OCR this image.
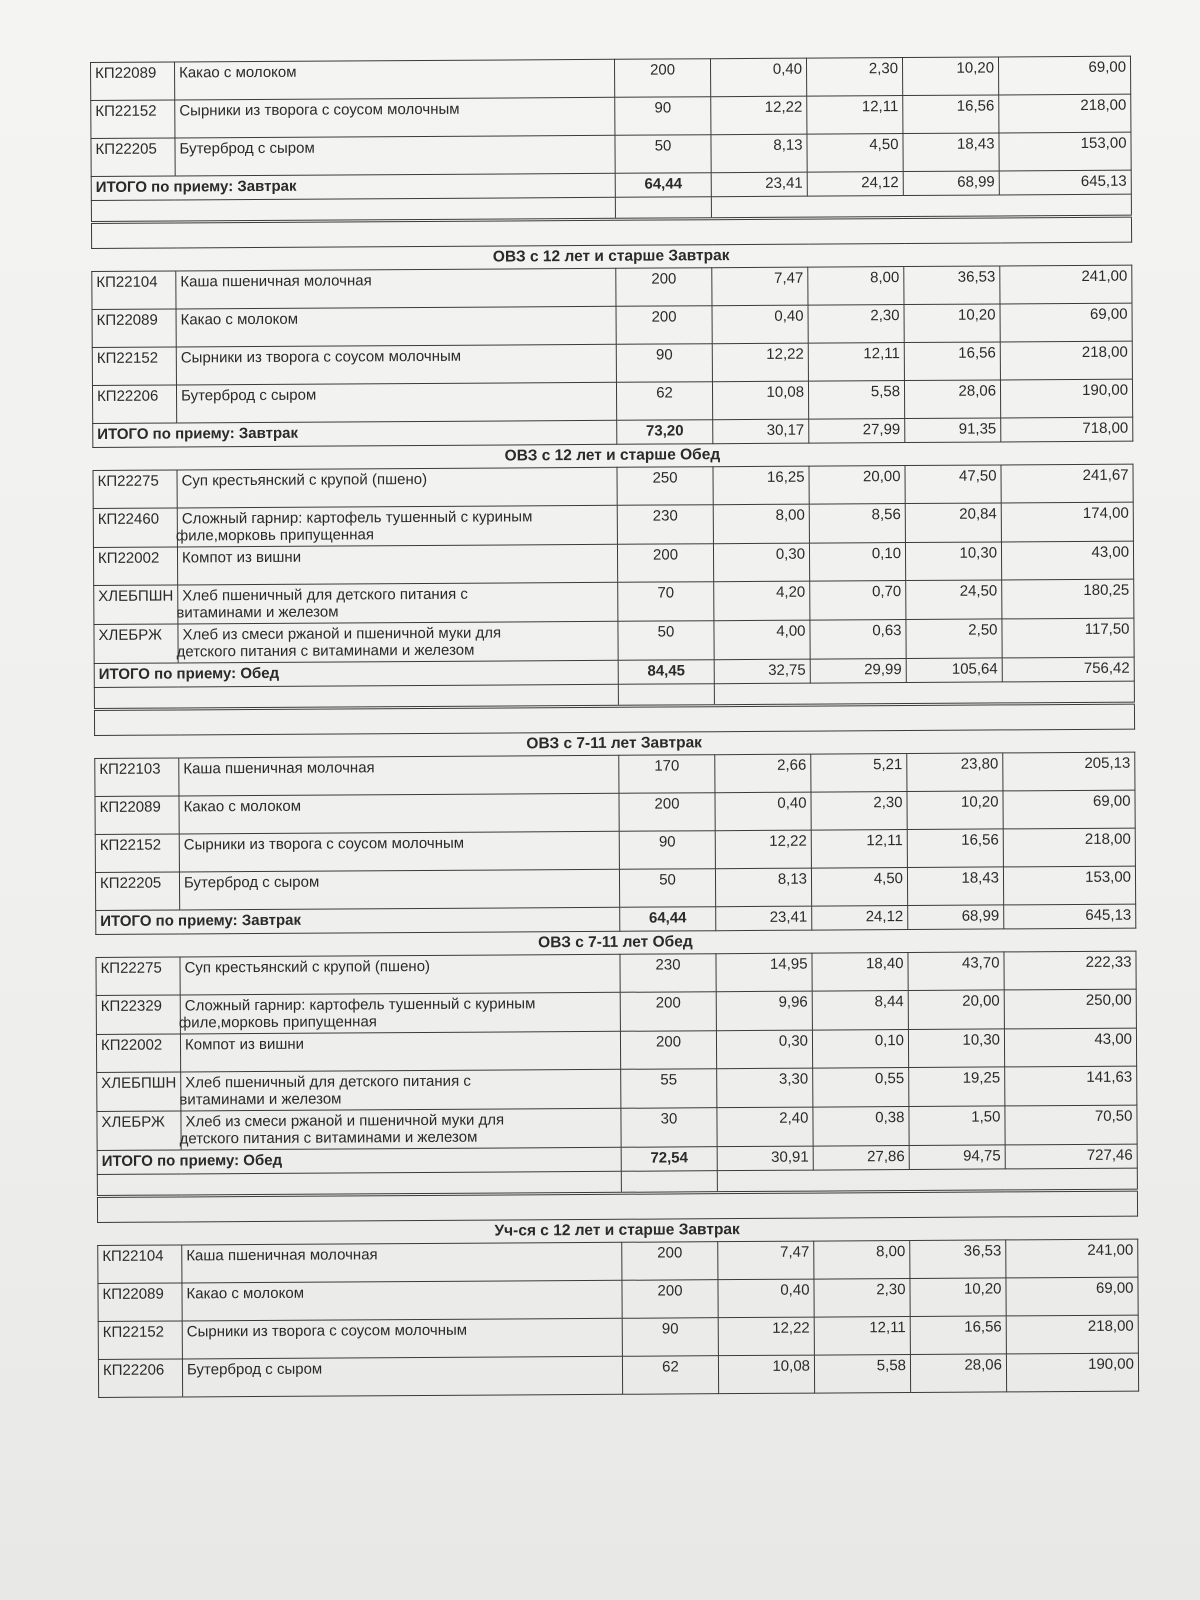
КП22089	Какао с молоком	200	0,40	2,30	10,20	69,00
КП22152	Сырники из творога с соусом молочным	90	12,22	12,11	16,56	218,00
КП22205	Бутерброд с сыром	50	8,13	4,50	18,43	153,00
ИТОГО по приему: Завтрак		64,44	23,41	24,12	68,99	645,13

ОВЗ с 12 лет и старше Завтрак
КП22104	Каша пшеничная молочная	200	7,47	8,00	36,53	241,00
КП22089	Какао с молоком	200	0,40	2,30	10,20	69,00
КП22152	Сырники из творога с соусом молочным	90	12,22	12,11	16,56	218,00
КП22206	Бутерброд с сыром	62	10,08	5,58	28,06	190,00
ИТОГО по приему: Завтрак		73,20	30,17	27,99	91,35	718,00
ОВЗ с 12 лет и старше Обед
КП22275	Суп крестьянский с крупой (пшено)	250	16,25	20,00	47,50	241,67
КП22460	Сложный гарнир: картофель тушенный с куриным
филе,морковь припущенная	230	8,00	8,56	20,84	174,00
КП22002	Компот из вишни	200	0,30	0,10	10,30	43,00
ХЛЕБПШН	Хлеб пшеничный для детского питания с
витаминами и железом	70	4,20	0,70	24,50	180,25
ХЛЕБРЖ	Хлеб из смеси ржаной и пшеничной муки для
детского питания с витаминами и железом	50	4,00	0,63	2,50	117,50
ИТОГО по приему: Обед		84,45	32,75	29,99	105,64	756,42

ОВЗ с 7-11 лет Завтрак
КП22103	Каша пшеничная молочная	170	2,66	5,21	23,80	205,13
КП22089	Какао с молоком	200	0,40	2,30	10,20	69,00
КП22152	Сырники из творога с соусом молочным	90	12,22	12,11	16,56	218,00
КП22205	Бутерброд с сыром	50	8,13	4,50	18,43	153,00
ИТОГО по приему: Завтрак		64,44	23,41	24,12	68,99	645,13
ОВЗ с 7-11 лет Обед
КП22275	Суп крестьянский с крупой (пшено)	230	14,95	18,40	43,70	222,33
КП22329	Сложный гарнир: картофель тушенный с куриным
филе,морковь припущенная	200	9,96	8,44	20,00	250,00
КП22002	Компот из вишни	200	0,30	0,10	10,30	43,00
ХЛЕБПШН	Хлеб пшеничный для детского питания с
витаминами и железом	55	3,30	0,55	19,25	141,63
ХЛЕБРЖ	Хлеб из смеси ржаной и пшеничной муки для
детского питания с витаминами и железом	30	2,40	0,38	1,50	70,50
ИТОГО по приему: Обед		72,54	30,91	27,86	94,75	727,46

Уч-ся с 12 лет и старше Завтрак
КП22104	Каша пшеничная молочная	200	7,47	8,00	36,53	241,00
КП22089	Какао с молоком	200	0,40	2,30	10,20	69,00
КП22152	Сырники из творога с соусом молочным	90	12,22	12,11	16,56	218,00
КП22206	Бутерброд с сыром	62	10,08	5,58	28,06	190,00
